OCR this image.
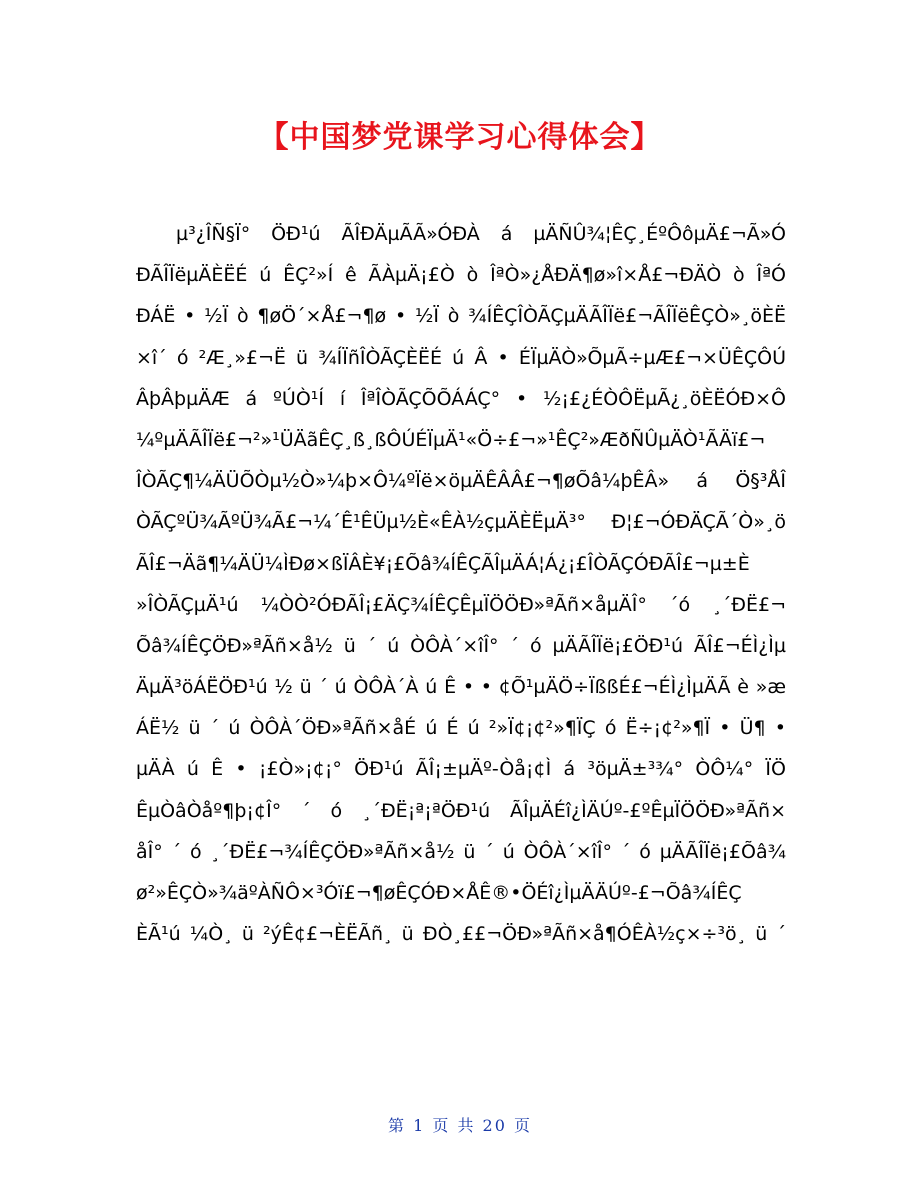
【中国梦党课学习心得体会】
µ³¿ÎÑ§Ï° ÖÐ¹ú ÃÎÐÄµÃÃ»ÓÐÀ á µÄÑÛ¾¦ÊÇ¸ÉºÔôµÄ£¬Ã»Ó
ÐÃÎÏëµÄÈËÉ ú ÊÇ²»Í ê ÃÀµÄ¡£Ò ò ÎªÒ»¿ÅÐÄ¶ø»î×Å£¬ÐÄÒ ò ÎªÓ
ÐÁË • ½Ï ò ¶øÖ´×Å£¬¶ø • ½Ï ò ¾ÍÊÇÎÒÃÇµÄÃÎÏë£¬ÃÎÏëÊÇÒ»¸öÈË
×î´ ó ²Æ¸»£¬Ë ü ¾ÍÏñÎÒÃÇÈËÉ ú Â • ÉÏµÄÒ»ÕµÃ÷µÆ£¬×ÜÊÇÔÚ
ÂþÂþµÄÆ á ºÚÒ¹Í í ÎªÎÒÃÇÕÕÁÁÇ° • ½¡£¿ÉÒÔËµÃ¿¸öÈËÓÐ×Ô
¼ºµÄÃÎÏë£¬²»¹ÜÄãÊÇ¸ß¸ßÔÚÉÏµÄ¹«Ö÷£¬»¹ÊÇ²»ÆðÑÛµÄÒ¹ÃÄï£¬
ÎÒÃÇ¶¼ÄÜÕÒµ½Ò»¼þ×Ô¼ºÏë×öµÄÊÂÂ£¬¶øÕâ¼þÊÂ» á Ö§³ÅÎ
ÒÃÇºÜ¾ÃºÜ¾Ã£¬¼´Ê¹ÊÜµ½È«ÊÀ½çµÄÈËµÄ³° Ð¦£¬ÓÐÄÇÃ´Ò»¸ö
ÃÎ£¬Äã¶¼ÄÜ¼ÌÐø×ßÏÂÈ¥¡£Õâ¾ÍÊÇÃÎµÄÁ¦Á¿¡£ÎÒÃÇÓÐÃÎ£¬µ±È
»ÎÒÃÇµÄ¹ú ¼ÒÒ²ÓÐÃÎ¡£ÄÇ¾ÍÊÇÊµÏÖÖÐ»ªÃñ×åµÄÎ° ´ó ¸´ÐË£¬
Õâ¾ÍÊÇÖÐ»ªÃñ×å½ ü ´ ú ÒÔÀ´×îÎ° ´ ó µÄÃÎÏë¡£ÖÐ¹ú ÃÎ£¬ÉÌ¿Ìµ
ÄµÄ³öÁËÖÐ¹ú ½ ü ´ ú ÒÔÀ´À ú Ê • • ¢Õ¹µÄÖ÷ÏßßÉ£¬ÉÌ¿ÌµÄÃ è »æ
ÁË½ ü ´ ú ÒÔÀ´ÖÐ»ªÃñ×åÉ ú É ú ²»Ï¢¡¢²»¶ÏÇ ó Ë÷¡¢²»¶Ï • Ü¶ •
µÄÀ ú Ê • ¡£Ò»¡¢¡° ÖÐ¹ú ÃÎ¡±µÄº-Òå¡¢Ì á ³öµÄ±³¾° ÒÔ¼° ÏÖ
ÊµÒâÒåº¶þ¡¢Î° ´ ó ¸´ÐË¡ª¡ªÖÐ¹ú ÃÎµÄÉî¿ÌÄÚº-£ºÊµÏÖÖÐ»ªÃñ×
åÎ° ´ ó ¸´ÐË£¬¾ÍÊÇÖÐ»ªÃñ×å½ ü ´ ú ÒÔÀ´×îÎ° ´ ó µÄÃÎÏë¡£Õâ¾
ø²»ÊÇÒ»¾äºÀÑÔ×³Óï£¬¶øÊÇÓÐ×ÅÊ®•ÖÉî¿ÌµÄÄÚº-£¬Õâ¾ÍÊÇ
ÈÃ¹ú ¼Ò¸ ü ²ýÊ¢£¬ÈËÃñ¸ ü ÐÒ¸££¬ÖÐ»ªÃñ×å¶ÓÊÀ½ç×÷³ö¸ ü ´
第 1 页 共 20 页
